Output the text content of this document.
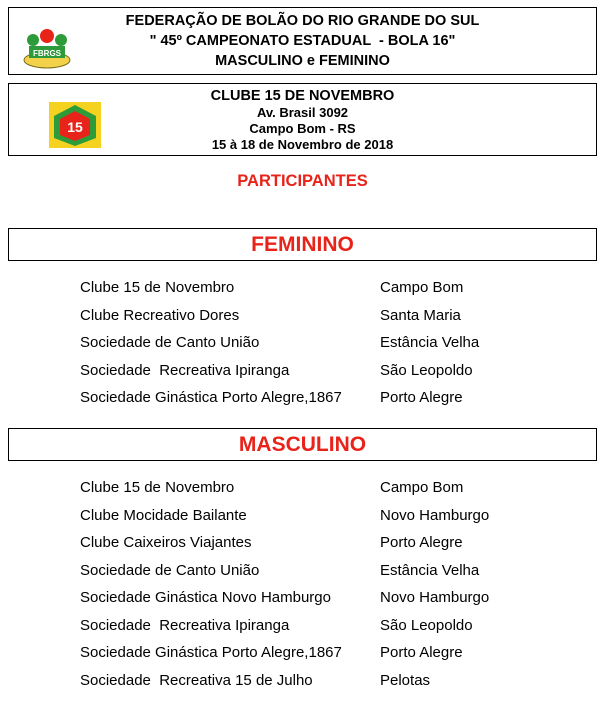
FBRGS
FEDERAÇÃO DE BOLÃO DO RIO GRANDE DO SUL
" 45º CAMPEONATO ESTADUAL  - BOLA 16"
MASCULINO e FEMININO
15
CLUBE 15 DE NOVEMBRO
Av. Brasil 3092
Campo Bom - RS
15 à 18 de Novembro de 2018
PARTICIPANTES
FEMININO
Clube 15 de Novembro	Campo Bom
Clube Recreativo Dores	Santa Maria
Sociedade de Canto União	Estância Velha
Sociedade  Recreativa Ipiranga	São Leopoldo
Sociedade Ginástica Porto Alegre,1867	Porto Alegre
MASCULINO
Clube 15 de Novembro	Campo Bom
Clube Mocidade Bailante	Novo Hamburgo
Clube Caixeiros Viajantes	Porto Alegre
Sociedade de Canto União	Estância Velha
Sociedade Ginástica Novo Hamburgo	Novo Hamburgo
Sociedade  Recreativa Ipiranga	São Leopoldo
Sociedade Ginástica Porto Alegre,1867	Porto Alegre
Sociedade  Recreativa 15 de Julho	Pelotas
